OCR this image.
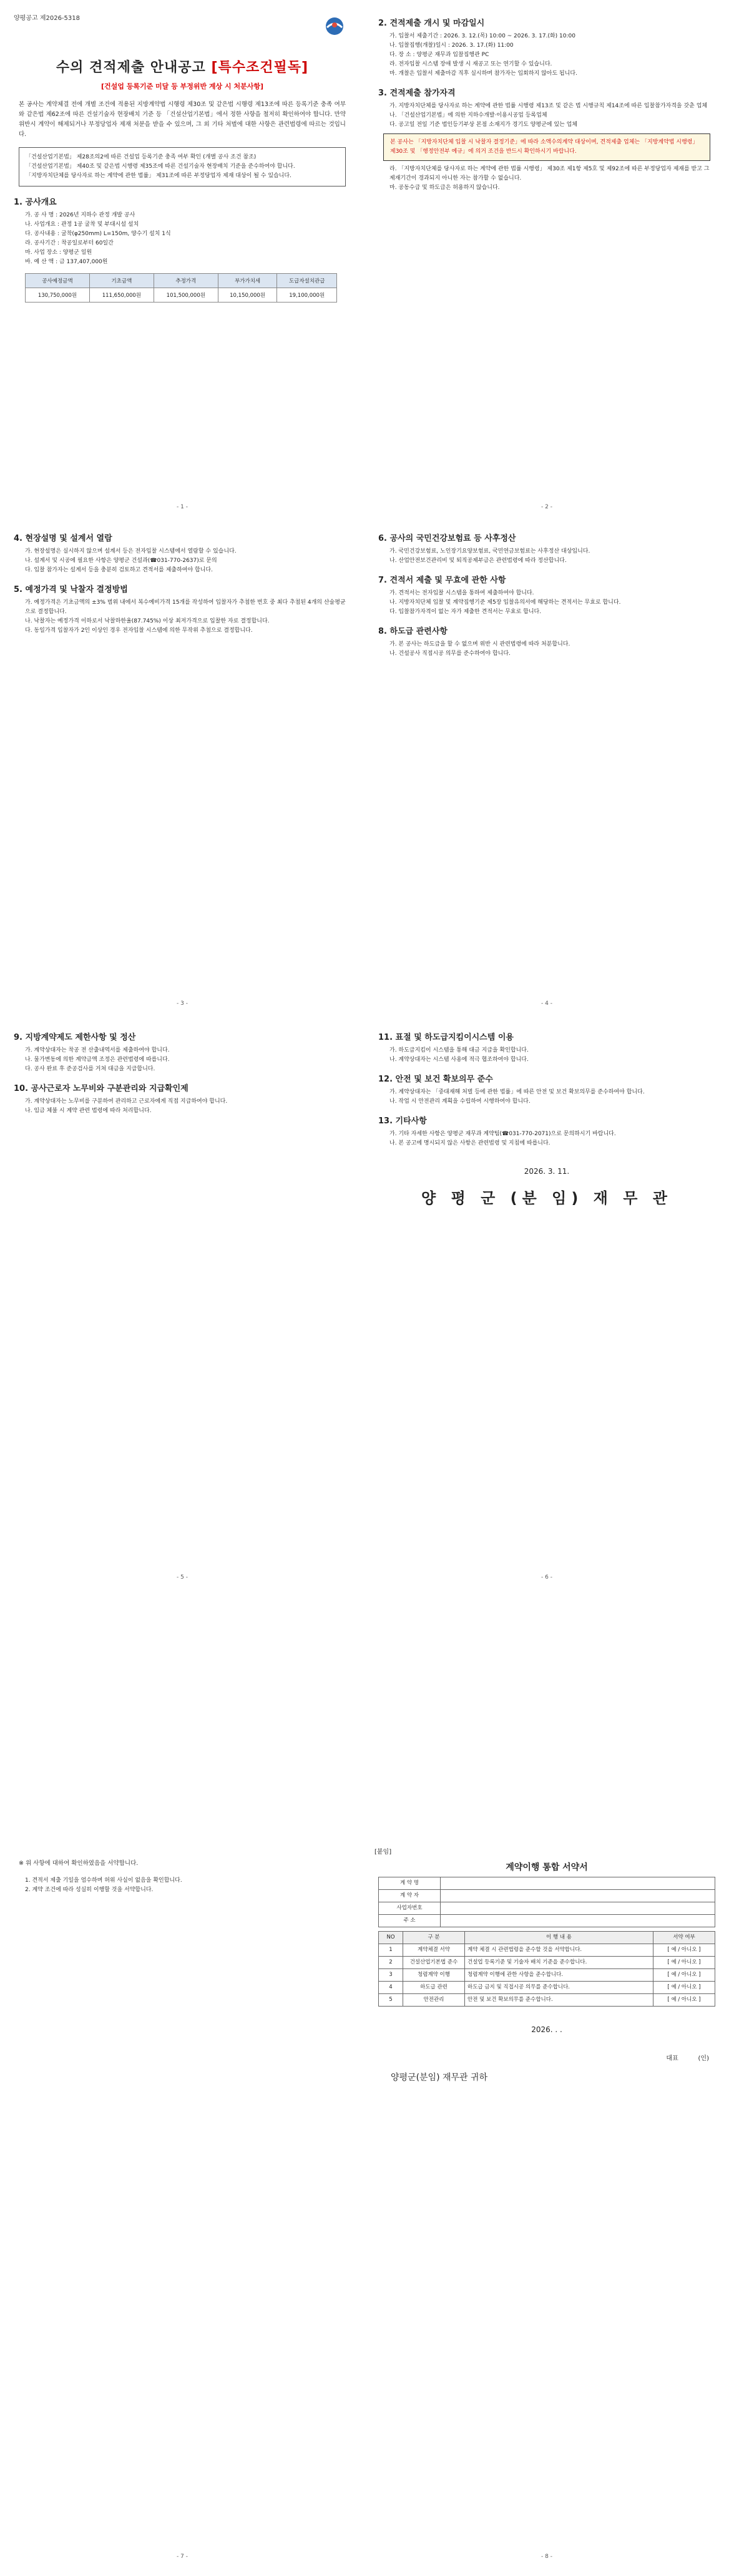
양평공고 제2026-5318
수의 견적제출 안내공고 [특수조건필독]
[건설업 등록기준 미달 등 부정위반 계상 시 처분사항]
본 공사는 계약체결 전에 개별 조건에 적용된 지방계약법 시행령 제30조 및 같은법 시행령 제13조에 따른 등록기준 충족 여부와 같은법 제62조에 따른 건설기술자 현장배치 기준 등 「건설산업기본법」에서 정한 사항을 철저히 확인하여야 합니다. 만약 위반시 계약이 해제되거나 부정당업자 제재 처분을 받을 수 있으며, 그 외 기타 처벌에 대한 사항은 관련법령에 따르는 것입니다.
「건설산업기본법」 제28조의2에 따른 건설업 등록기준 충족 여부 확인 (개별 공사 조건 참조)
「건설산업기본법」 제40조 및 같은법 시행령 제35조에 따른 건설기술자 현장배치 기준을 준수하여야 합니다.
「지방자치단체를 당사자로 하는 계약에 관한 법률」 제31조에 따른 부정당업자 제재 대상이 될 수 있습니다.
1. 공사개요
가. 공 사 명 : 2026년 지하수 관정 개발 공사
나. 사업개요 : 관정 1공 굴착 및 부대시설 설치
다. 공사내용 : 굴착(φ250mm) L=150m, 양수기 설치 1식
라. 공사기간 : 착공일로부터 60일간
마. 사업 장소 : 양평군 일원
바. 예 산 액 : 금 137,407,000원
공사예정금액	기초금액	추정가격	부가가치세	도급자설치관급
130,750,000원	111,650,000원	101,500,000원	10,150,000원	19,100,000원
- 1 -
2. 견적제출 개시 및 마감일시
가. 입찰서 제출기간 : 2026. 3. 12.(목) 10:00 ~ 2026. 3. 17.(화) 10:00
나. 입찰집행(개찰)일시 : 2026. 3. 17.(화) 11:00
다. 장 소 : 양평군 재무과 입찰집행관 PC
라. 전자입찰 시스템 장애 발생 시 재공고 또는 연기할 수 있습니다.
마. 개찰은 입찰서 제출마감 직후 실시하며 참가자는 입회하지 않아도 됩니다.
3. 견적제출 참가자격
가. 지방자치단체를 당사자로 하는 계약에 관한 법률 시행령 제13조 및 같은 법 시행규칙 제14조에 따른 입찰참가자격을 갖춘 업체
나. 「건설산업기본법」에 의한 지하수개발·이용시공업 등록업체
다. 공고일 전일 기준 법인등기부상 본점 소재지가 경기도 양평군에 있는 업체
본 공사는 「지방자치단체 입찰 시 낙찰자 결정기준」에 따라 소액수의계약 대상이며, 견적제출 업체는 「지방계약법 시행령」 제30조 및 「행정안전부 예규」에 의거 조건을 반드시 확인하시기 바랍니다.
라. 「지방자치단체를 당사자로 하는 계약에 관한 법률 시행령」 제30조 제1항 제5호 및 제92조에 따른 부정당업자 제재를 받고 그 제재기간이 경과되지 아니한 자는 참가할 수 없습니다.
마. 공동수급 및 하도급은 허용하지 않습니다.
- 2 -
4. 현장설명 및 설계서 열람
가. 현장설명은 실시하지 않으며 설계서 등은 전자입찰 시스템에서 열람할 수 있습니다.
나. 설계서 및 시공에 필요한 사항은 양평군 건설과(☎031-770-2637)로 문의
다. 입찰 참가자는 설계서 등을 충분히 검토하고 견적서를 제출하여야 합니다.
5. 예정가격 및 낙찰자 결정방법
가. 예정가격은 기초금액의 ±3% 범위 내에서 복수예비가격 15개를 작성하여 입찰자가 추첨한 번호 중 최다 추첨된 4개의 산술평균으로 결정합니다.
나. 낙찰자는 예정가격 이하로서 낙찰하한율(87.745%) 이상 최저가격으로 입찰한 자로 결정합니다.
다. 동일가격 입찰자가 2인 이상인 경우 전자입찰 시스템에 의한 무작위 추첨으로 결정합니다.
- 3 -
6. 공사의 국민건강보험료 등 사후정산
가. 국민건강보험료, 노인장기요양보험료, 국민연금보험료는 사후정산 대상입니다.
나. 산업안전보건관리비 및 퇴직공제부금은 관련법령에 따라 정산합니다.
7. 견적서 제출 및 무효에 관한 사항
가. 견적서는 전자입찰 시스템을 통하여 제출하여야 합니다.
나. 지방자치단체 입찰 및 계약집행기준 제5장 입찰유의서에 해당하는 견적서는 무효로 합니다.
다. 입찰참가자격이 없는 자가 제출한 견적서는 무효로 합니다.
8. 하도급 관련사항
가. 본 공사는 하도급을 할 수 없으며 위반 시 관련법령에 따라 처분합니다.
나. 건설공사 직접시공 의무를 준수하여야 합니다.
- 4 -
9. 지방계약제도 제한사항 및 정산
가. 계약상대자는 착공 전 산출내역서를 제출하여야 합니다.
나. 물가변동에 의한 계약금액 조정은 관련법령에 따릅니다.
다. 공사 완료 후 준공검사를 거쳐 대금을 지급합니다.
10. 공사근로자 노무비와 구분관리와 지급확인제
가. 계약상대자는 노무비를 구분하여 관리하고 근로자에게 직접 지급하여야 합니다.
나. 임금 체불 시 계약 관련 법령에 따라 처리합니다.
- 5 -
11. 표절 및 하도급지킴이시스템 이용
가. 하도급지킴이 시스템을 통해 대금 지급을 확인합니다.
나. 계약상대자는 시스템 사용에 적극 협조하여야 합니다.
12. 안전 및 보건 확보의무 준수
가. 계약상대자는 「중대재해 처벌 등에 관한 법률」에 따른 안전 및 보건 확보의무를 준수하여야 합니다.
나. 작업 시 안전관리 계획을 수립하여 시행하여야 합니다.
13. 기타사항
가. 기타 자세한 사항은 양평군 재무과 계약팀(☎031-770-2071)으로 문의하시기 바랍니다.
나. 본 공고에 명시되지 않은 사항은 관련법령 및 지침에 따릅니다.
2026. 3. 11.
양 평 군 (분 임) 재 무 관
- 6 -
※ 위 사항에 대하여 확인하였음을 서약합니다.
1. 견적서 제출 기일을 엄수하며 허위 사실이 없음을 확인합니다.
2. 계약 조건에 따라 성실히 이행할 것을 서약합니다.
- 7 -
[붙임]
계약이행 통합 서약서
계 약 명	
계 약 자	
사업자번호	
주 소	
NO	구 분	이 행 내 용	서약 여부
1	계약체결 서약	계약 체결 시 관련법령을 준수할 것을 서약합니다.	[ 예 / 아니오 ]
2	건설산업기본법 준수	건설업 등록기준 및 기술자 배치 기준을 준수합니다.	[ 예 / 아니오 ]
3	청렴계약 이행	청렴계약 이행에 관한 사항을 준수합니다.	[ 예 / 아니오 ]
4	하도급 관련	하도급 금지 및 직접시공 의무를 준수합니다.	[ 예 / 아니오 ]
5	안전관리	안전 및 보건 확보의무를 준수합니다.	[ 예 / 아니오 ]
2026. . .
대표	(인)
양평군(분임) 재무관 귀하
- 8 -
